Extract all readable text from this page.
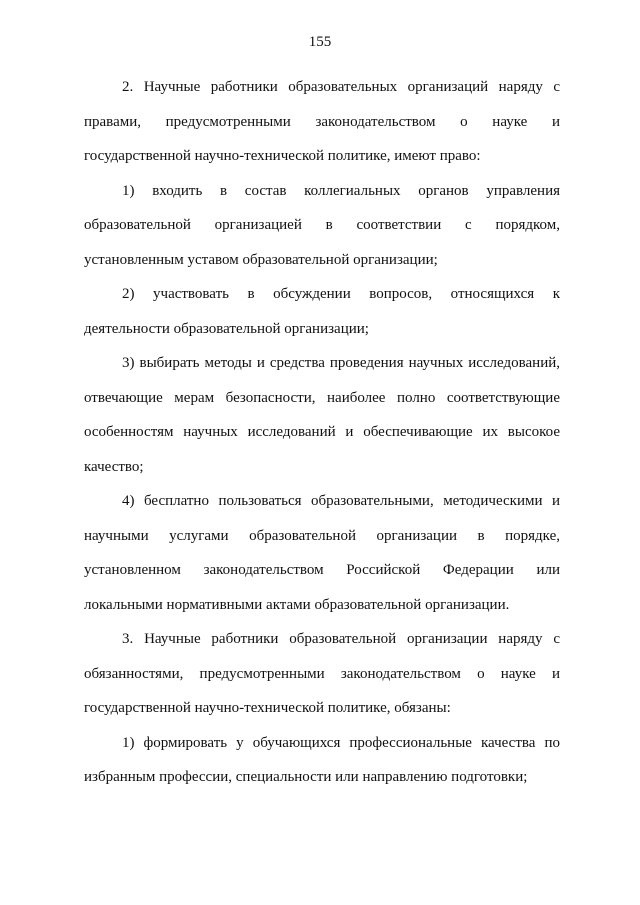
155

2. Научные работники образовательных организаций наряду с правами, предусмотренными законодательством о науке и государственной научно-технической политике, имеют право:

1) входить в состав коллегиальных органов управления образовательной организацией в соответствии с порядком, установленным уставом образовательной организации;

2) участвовать в обсуждении вопросов, относящихся к деятельности образовательной организации;

3) выбирать методы и средства проведения научных исследований, отвечающие мерам безопасности, наиболее полно соответствующие особенностям научных исследований и обеспечивающие их высокое качество;

4) бесплатно пользоваться образовательными, методическими и научными услугами образовательной организации в порядке, установленном законодательством Российской Федерации или локальными нормативными актами образовательной организации.

3. Научные работники образовательной организации наряду с обязанностями, предусмотренными законодательством о науке и государственной научно-технической политике, обязаны:

1) формировать у обучающихся профессиональные качества по избранным профессии, специальности или направлению подготовки;
